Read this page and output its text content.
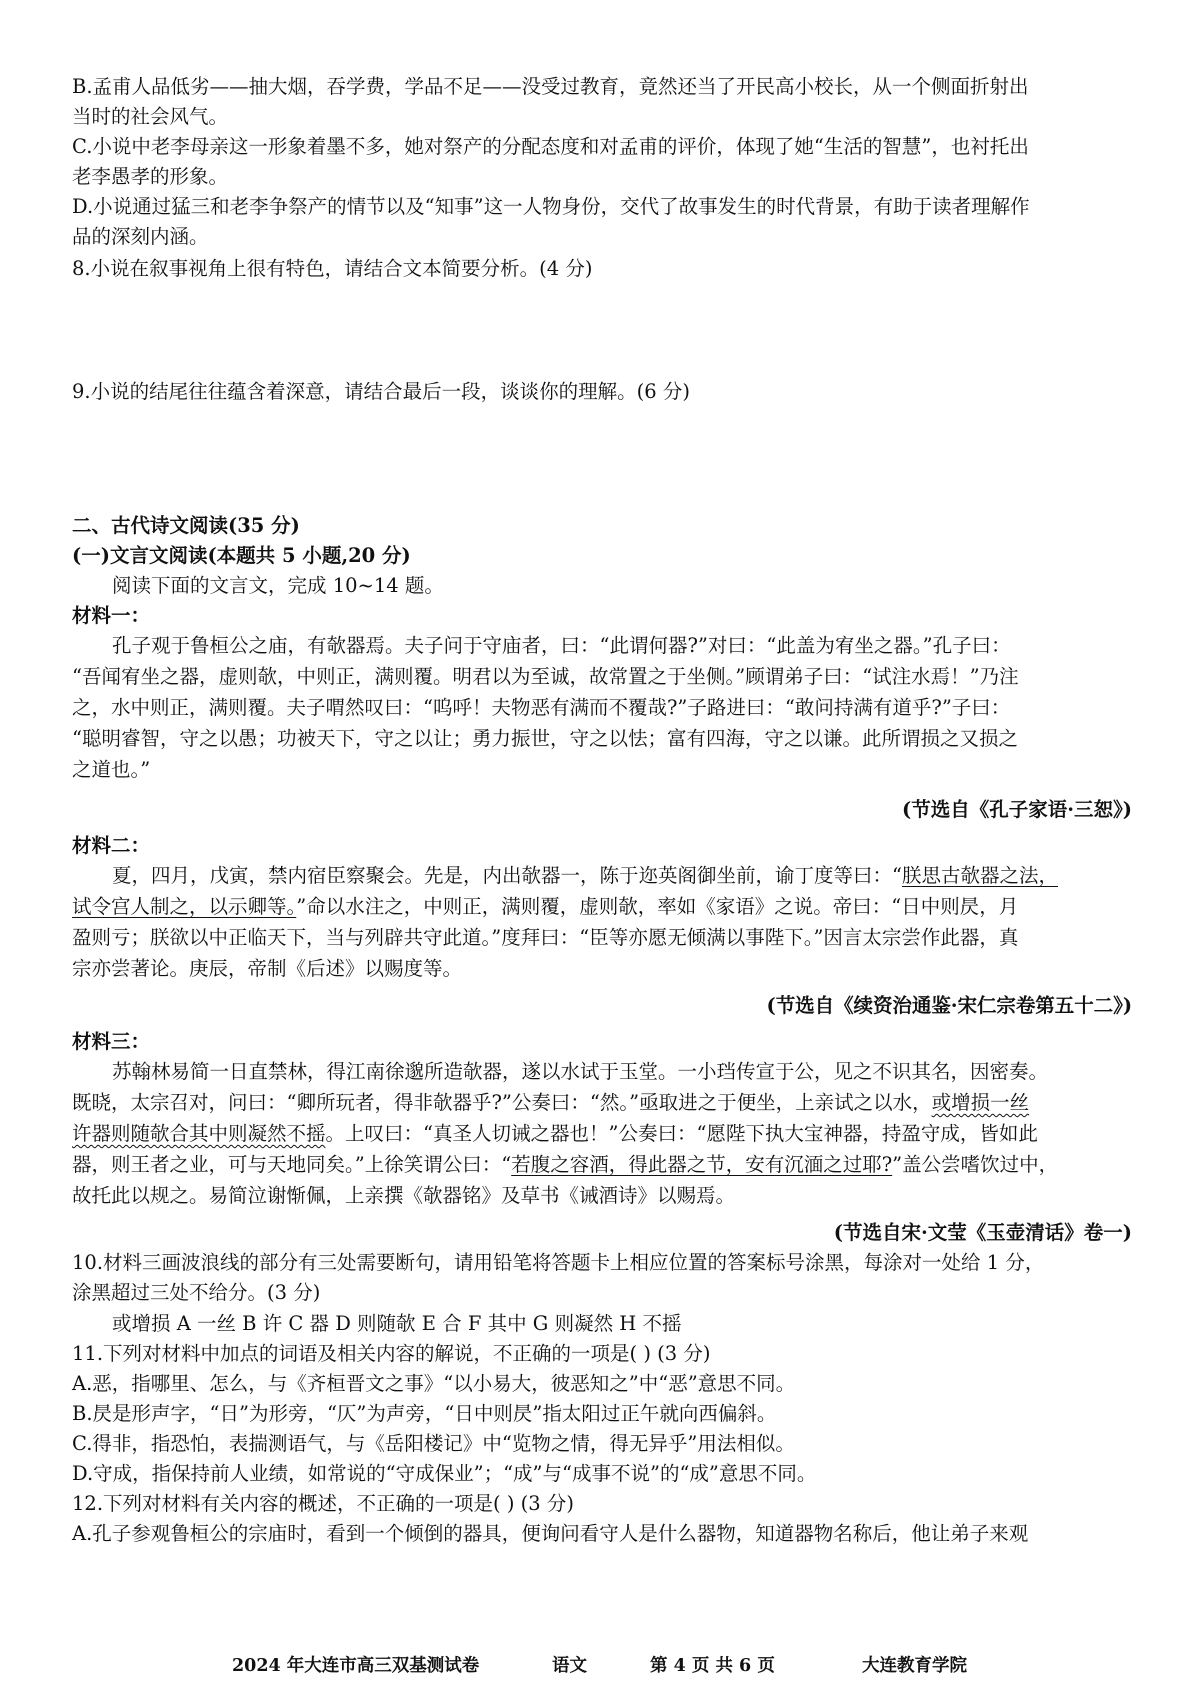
B.孟甫人品低劣——抽大烟，吞学费，学品不足——没受过教育，竟然还当了开民高小校长，从一个侧面折射出
当时的社会风气。
C.小说中老李母亲这一形象着墨不多，她对祭产的分配态度和对孟甫的评价，体现了她“生活的智慧”，也衬托出
老李愚孝的形象。
D.小说通过猛三和老李争祭产的情节以及“知事”这一人物身份，交代了故事发生的时代背景，有助于读者理解作
品的深刻内涵。
8.小说在叙事视角上很有特色，请结合文本简要分析。(4 分)
9.小说的结尾往往蕴含着深意，请结合最后一段，谈谈你的理解。(6 分)
二、古代诗文阅读(35 分)
(一)文言文阅读(本题共 5 小题,20 分)
阅读下面的文言文，完成 10~14 题。
材料一：
孔子观于鲁桓公之庙，有欹器焉。夫子问于守庙者，曰：“此谓何器?”对曰：“此盖为宥坐之器。”孔子曰：
“吾闻宥坐之器，虚则欹，中则正，满则覆。明君以为至诚，故常置之于坐侧。”顾谓弟子曰：“试注水焉！”乃注
之，水中则正，满则覆。夫子喟然叹曰：“呜呼！夫物恶有满而不覆哉?”子路进曰：“敢问持满有道乎?”子曰：
“聪明睿智，守之以愚；功被天下，守之以让；勇力振世，守之以怯；富有四海，守之以谦。此所谓损之又损之
之道也。”
(节选自《孔子家语·三恕》)
材料二：
夏，四月，戊寅，禁内宿臣察聚会。先是，内出欹器一，陈于迩英阁御坐前，谕丁度等曰：“朕思古欹器之法，
试令宫人制之，以示卿等。”命以水注之，中则正，满则覆，虚则欹，率如《家语》之说。帝曰：“日中则昃，月
盈则亏；朕欲以中正临天下，当与列辟共守此道。”度拜曰：“臣等亦愿无倾满以事陛下。”因言太宗尝作此器，真
宗亦尝著论。庚辰，帝制《后述》以赐度等。
(节选自《续资治通鉴·宋仁宗卷第五十二》)
材料三：
苏翰林易简一日直禁林，得江南徐邈所造欹器，遂以水试于玉堂。一小珰传宣于公，见之不识其名，因密奏。
既晓，太宗召对，问曰：“卿所玩者，得非欹器乎?”公奏曰：“然。”亟取进之于便坐，上亲试之以水，或增损一丝
许器则随欹合其中则凝然不摇。上叹曰：“真圣人切诫之器也！”公奏曰：“愿陛下执大宝神器，持盈守成，皆如此
器，则王者之业，可与天地同矣。”上徐笑谓公曰：“若腹之容酒，得此器之节，安有沉湎之过耶?”盖公尝嗜饮过中，
故托此以规之。易简泣谢惭佩，上亲撰《欹器铭》及草书《诫酒诗》以赐焉。
(节选自宋·文莹《玉壶清话》卷一)
10.材料三画波浪线的部分有三处需要断句，请用铅笔将答题卡上相应位置的答案标号涂黑，每涂对一处给 1 分，
涂黑超过三处不给分。(3 分)
或增损 A 一丝 B 许 C 器 D 则随欹 E 合 F 其中 G 则凝然 H 不摇
11.下列对材料中加点的词语及相关内容的解说，不正确的一项是( ) (3 分)
A.恶，指哪里、怎么，与《齐桓晋文之事》“以小易大，彼恶知之”中“恶”意思不同。
B.昃是形声字，“日”为形旁，“仄”为声旁，“日中则昃”指太阳过正午就向西偏斜。
C.得非，指恐怕，表揣测语气，与《岳阳楼记》中“览物之情，得无异乎”用法相似。
D.守成，指保持前人业绩，如常说的“守成保业”；“成”与“成事不说”的“成”意思不同。
12.下列对材料有关内容的概述，不正确的一项是( ) (3 分)
A.孔子参观鲁桓公的宗庙时，看到一个倾倒的器具，便询问看守人是什么器物，知道器物名称后，他让弟子来观
2024 年大连市高三双基测试卷	语文	第 4 页 共 6 页	大连教育学院
